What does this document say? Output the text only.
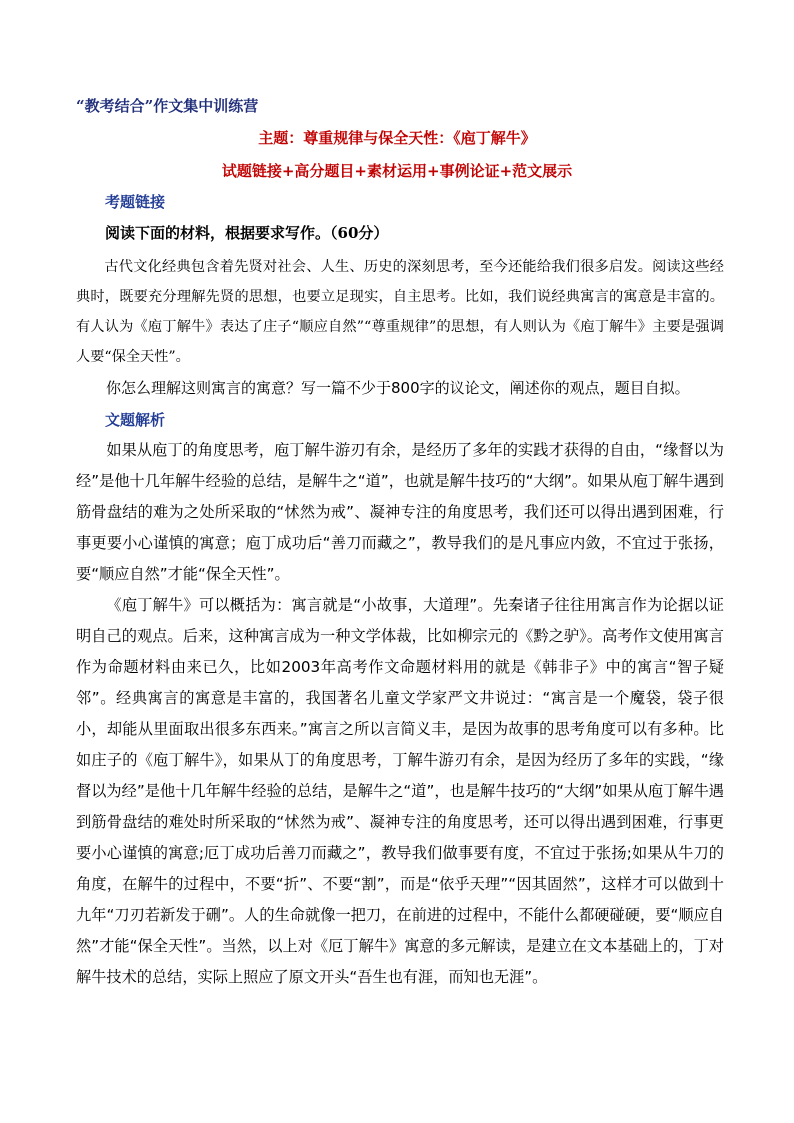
“教考结合”作文集中训练营
主题：尊重规律与保全天性：《庖丁解牛》
试题链接+高分题目+素材运用+事例论证+范文展示
考题链接
阅读下面的材料，根据要求写作。（60分）

古代文化经典包含着先贤对社会、人生、历史的深刻思考，至今还能给我们很多启发。阅读这些经典时，既要充分理解先贤的思想，也要立足现实，自主思考。比如，我们说经典寓言的寓意是丰富的。有人认为《庖丁解牛》表达了庄子“顺应自然”“尊重规律”的思想，有人则认为《庖丁解牛》主要是强调人要“保全天性”。

你怎么理解这则寓言的寓意？写一篇不少于800字的议论文，阐述你的观点，题目自拟。

文题解析

如果从庖丁的角度思考，庖丁解牛游刃有余，是经历了多年的实践才获得的自由，“缘督以为经”是他十几年解牛经验的总结，是解牛之“道”，也就是解牛技巧的“大纲”。如果从庖丁解牛遇到筋骨盘结的难为之处所采取的“怵然为戒”、凝神专注的角度思考，我们还可以得出遇到困难，行事更要小心谨慎的寓意；庖丁成功后“善刀而藏之”，教导我们的是凡事应内敛，不宜过于张扬，要“顺应自然”才能“保全天性”。

《庖丁解牛》可以概括为：寓言就是“小故事，大道理”。先秦诸子往往用寓言作为论据以证明自己的观点。后来，这种寓言成为一种文学体裁，比如柳宗元的《黔之驴》。高考作文使用寓言作为命题材料由来已久，比如2003年高考作文命题材料用的就是《韩非子》中的寓言“智子疑邻”。经典寓言的寓意是丰富的，我国著名儿童文学家严文井说过：“寓言是一个魔袋，袋子很小，却能从里面取出很多东西来。”寓言之所以言简义丰，是因为故事的思考角度可以有多种。比如庄子的《庖丁解牛》，如果从丁的角度思考，丁解牛游刃有余，是因为经历了多年的实践，“缘督以为经”是他十几年解牛经验的总结，是解牛之“道”，也是解牛技巧的“大纲”如果从庖丁解牛遇到筋骨盘结的难处时所采取的“怵然为戒”、凝神专注的角度思考，还可以得出遇到困难，行事更要小心谨慎的寓意;厄丁成功后善刀而藏之”，教导我们做事要有度，不宜过于张扬;如果从牛刀的角度，在解牛的过程中，不要“折”、不要“割”，而是“依乎天理”“因其固然”，这样才可以做到十九年“刀刃若新发于硎”。人的生命就像一把刀，在前进的过程中，不能什么都硬碰硬，要“顺应自然”才能“保全天性”。当然，以上对《厄丁解牛》寓意的多元解读，是建立在文本基础上的，丁对解牛技术的总结，实际上照应了原文开头“吾生也有涯，而知也无涯”。
